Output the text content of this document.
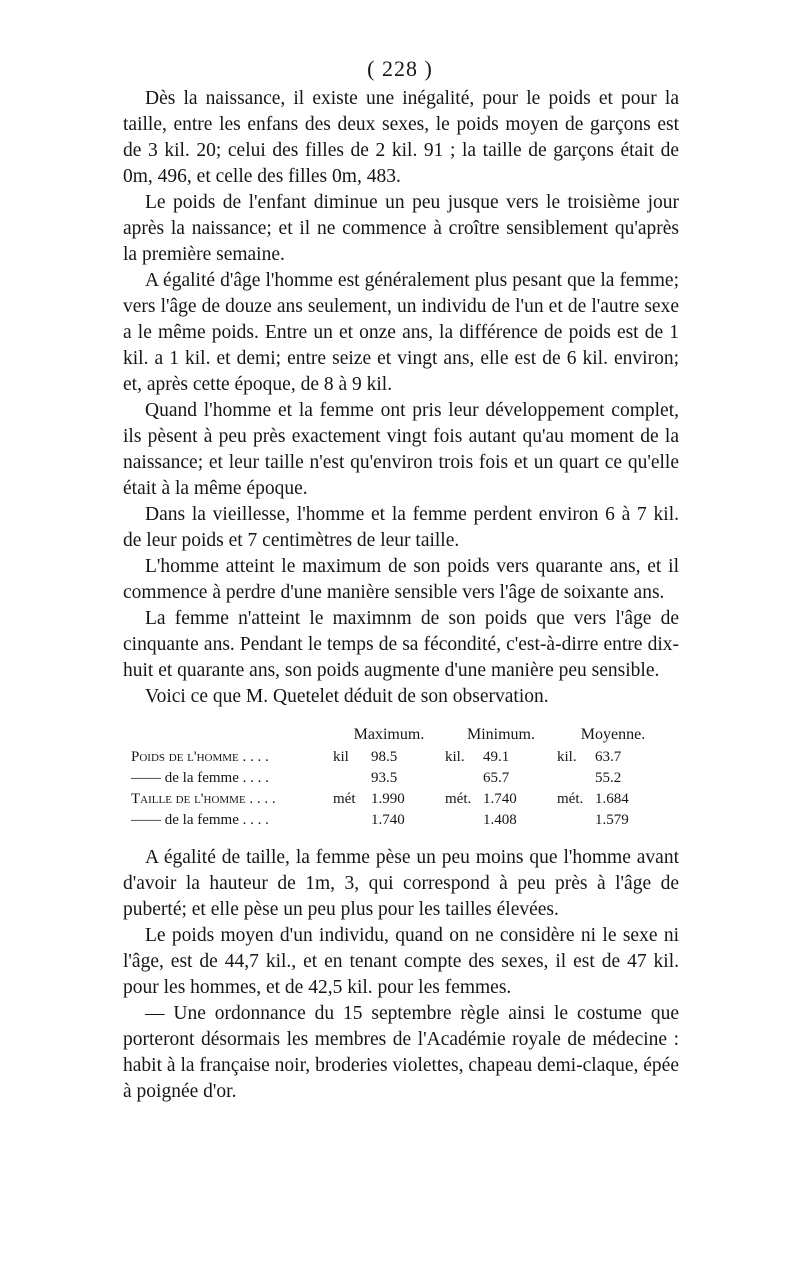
( 228 )

Dès la naissance, il existe une inégalité, pour le poids et pour la taille, entre les enfans des deux sexes, le poids moyen de garçons est de 3 kil. 20; celui des filles de 2 kil. 91 ; la taille de garçons était de 0m, 496, et celle des filles 0m, 483.

Le poids de l'enfant diminue un peu jusque vers le troisième jour après la naissance; et il ne commence à croître sensiblement qu'après la première semaine.

A égalité d'âge l'homme est généralement plus pesant que la femme; vers l'âge de douze ans seulement, un individu de l'un et de l'autre sexe a le même poids. Entre un et onze ans, la différence de poids est de 1 kil. a 1 kil. et demi; entre seize et vingt ans, elle est de 6 kil. environ; et, après cette époque, de 8 à 9 kil.

Quand l'homme et la femme ont pris leur développement complet, ils pèsent à peu près exactement vingt fois autant qu'au moment de la naissance; et leur taille n'est qu'environ trois fois et un quart ce qu'elle était à la même époque.

Dans la vieillesse, l'homme et la femme perdent environ 6 à 7 kil. de leur poids et 7 centimètres de leur taille.

L'homme atteint le maximum de son poids vers quarante ans, et il commence à perdre d'une manière sensible vers l'âge de soixante ans.

La femme n'atteint le maximnm de son poids que vers l'âge de cinquante ans. Pendant le temps de sa fécondité, c'est-à-dirre entre dix-huit et quarante ans, son poids augmente d'une manière peu sensible.

Voici ce que M. Quetelet déduit de son observation.

	Maximum.		Minimum.		Moyenne.	
Poids de l'homme . . . .	kil	98.5	kil.	49.1	kil.	63.7
—— de la femme . . . .		93.5		65.7		55.2
Taille de l'homme . . . .	mét	1.990	mét.	1.740	mét.	1.684
—— de la femme . . . .		1.740		1.408		1.579

A égalité de taille, la femme pèse un peu moins que l'homme avant d'avoir la hauteur de 1m, 3, qui correspond à peu près à l'âge de puberté; et elle pèse un peu plus pour les tailles élevées.

Le poids moyen d'un individu, quand on ne considère ni le sexe ni l'âge, est de 44,7 kil., et en tenant compte des sexes, il est de 47 kil. pour les hommes, et de 42,5 kil. pour les femmes.

— Une ordonnance du 15 septembre règle ainsi le costume que porteront désormais les membres de l'Académie royale de médecine : habit à la française noir, broderies violettes, chapeau demi-claque, épée à poignée d'or.
